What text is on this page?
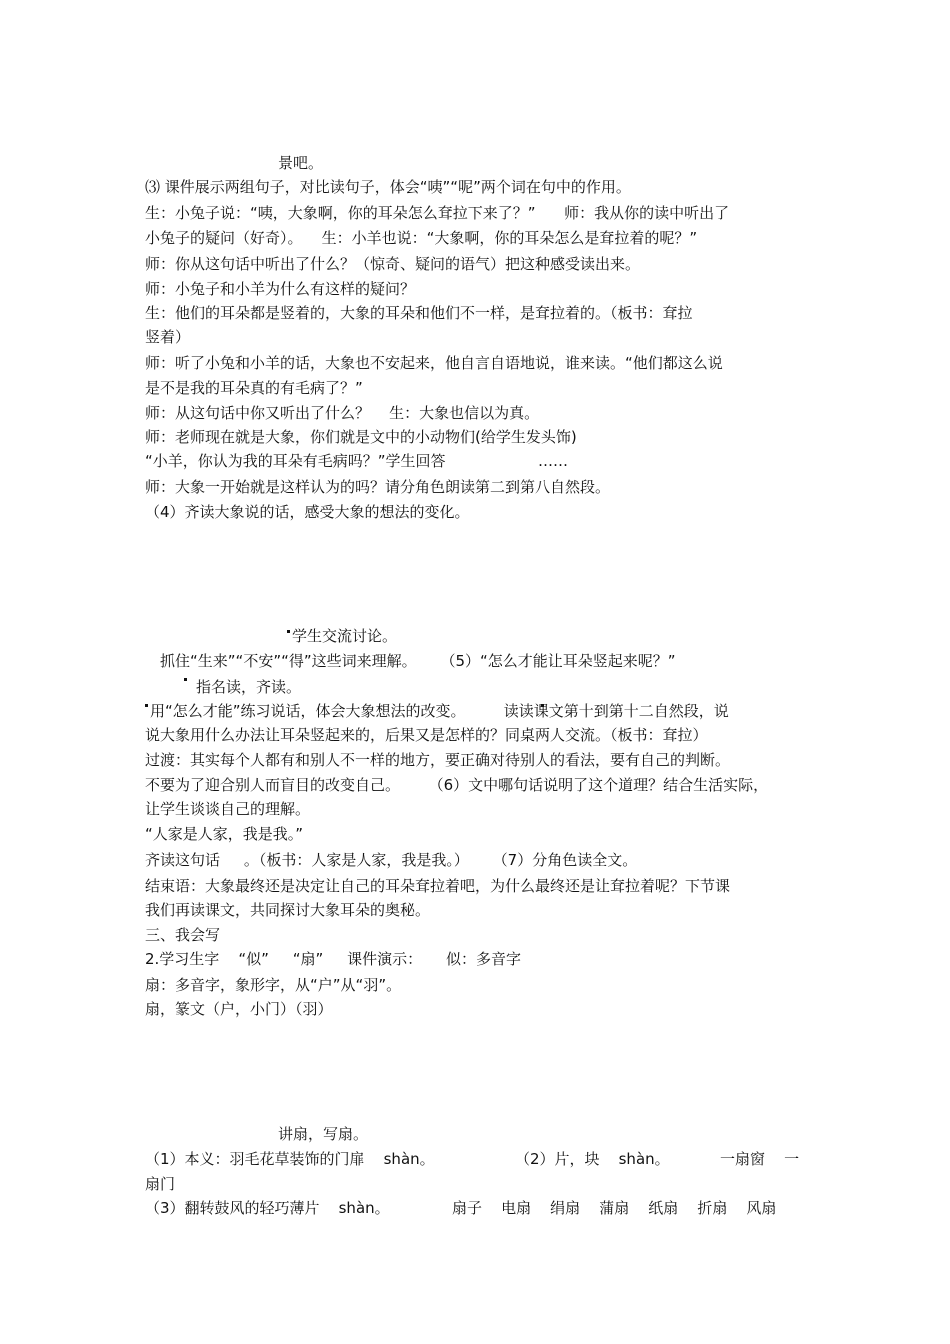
景吧。
⑶ 课件展示两组句子，对比读句子，体会“咦”“呢”两个词在句中的作用。
生：小兔子说：“咦，大象啊，你的耳朵怎么耷拉下来了？”      师：我从你的读中听出了
小兔子的疑问（好奇）。    生：小羊也说：“大象啊，你的耳朵怎么是耷拉着的呢？”
师：你从这句话中听出了什么？（惊奇、疑问的语气）把这种感受读出来。
师：小兔子和小羊为什么有这样的疑问？
生：他们的耳朵都是竖着的，大象的耳朵和他们不一样，是耷拉着的。（板书：耷拉
竖着）
师：听了小兔和小羊的话，大象也不安起来，他自言自语地说，谁来读。“他们都这么说
是不是我的耳朵真的有毛病了？”
师：从这句话中你又听出了什么？    生：大象也信以为真。
师：老师现在就是大象，你们就是文中的小动物们(给学生发头饰)
“小羊，你认为我的耳朵有毛病吗？”学生回答	……
师：大象一开始就是这样认为的吗？请分角色朗读第二到第八自然段。
（4）齐读大象说的话，感受大象的想法的变化。
学生交流讨论。
抓住“生来”“不安”“得”这些词来理解。     （5）“怎么才能让耳朵竖起来呢？”
指名读，齐读。
用“怎么才能”练习说话，体会大象想法的改变。        读读课文第十到第十二自然段，说
说大象用什么办法让耳朵竖起来的，后果又是怎样的？同桌两人交流。（板书：耷拉）
过渡：其实每个人都有和别人不一样的地方，要正确对待别人的看法，要有自己的判断。
不要为了迎合别人而盲目的改变自己。      （6）文中哪句话说明了这个道理？结合生活实际，
让学生谈谈自己的理解。
“人家是人家，我是我。”
齐读这句话     。（板书：人家是人家，我是我。）     （7）分角色读全文。
结束语：大象最终还是决定让自己的耳朵耷拉着吧，为什么最终还是让耷拉着呢？下节课
我们再读课文，共同探讨大象耳朵的奥秘。
三、我会写
2.学习生字    “似”     “扇”     课件演示：     似：多音字
扇：多音字，象形字，从“户”从“羽”。
扇，篆文（户，小门）（羽）
讲扇，写扇。
（1）本义：羽毛花草装饰的门扉    shàn。	（2）片，块    shàn。	一扇窗    一
扇门
（3）翻转鼓风的轻巧薄片    shàn。	扇子    电扇    绢扇    蒲扇    纸扇    折扇    风扇
